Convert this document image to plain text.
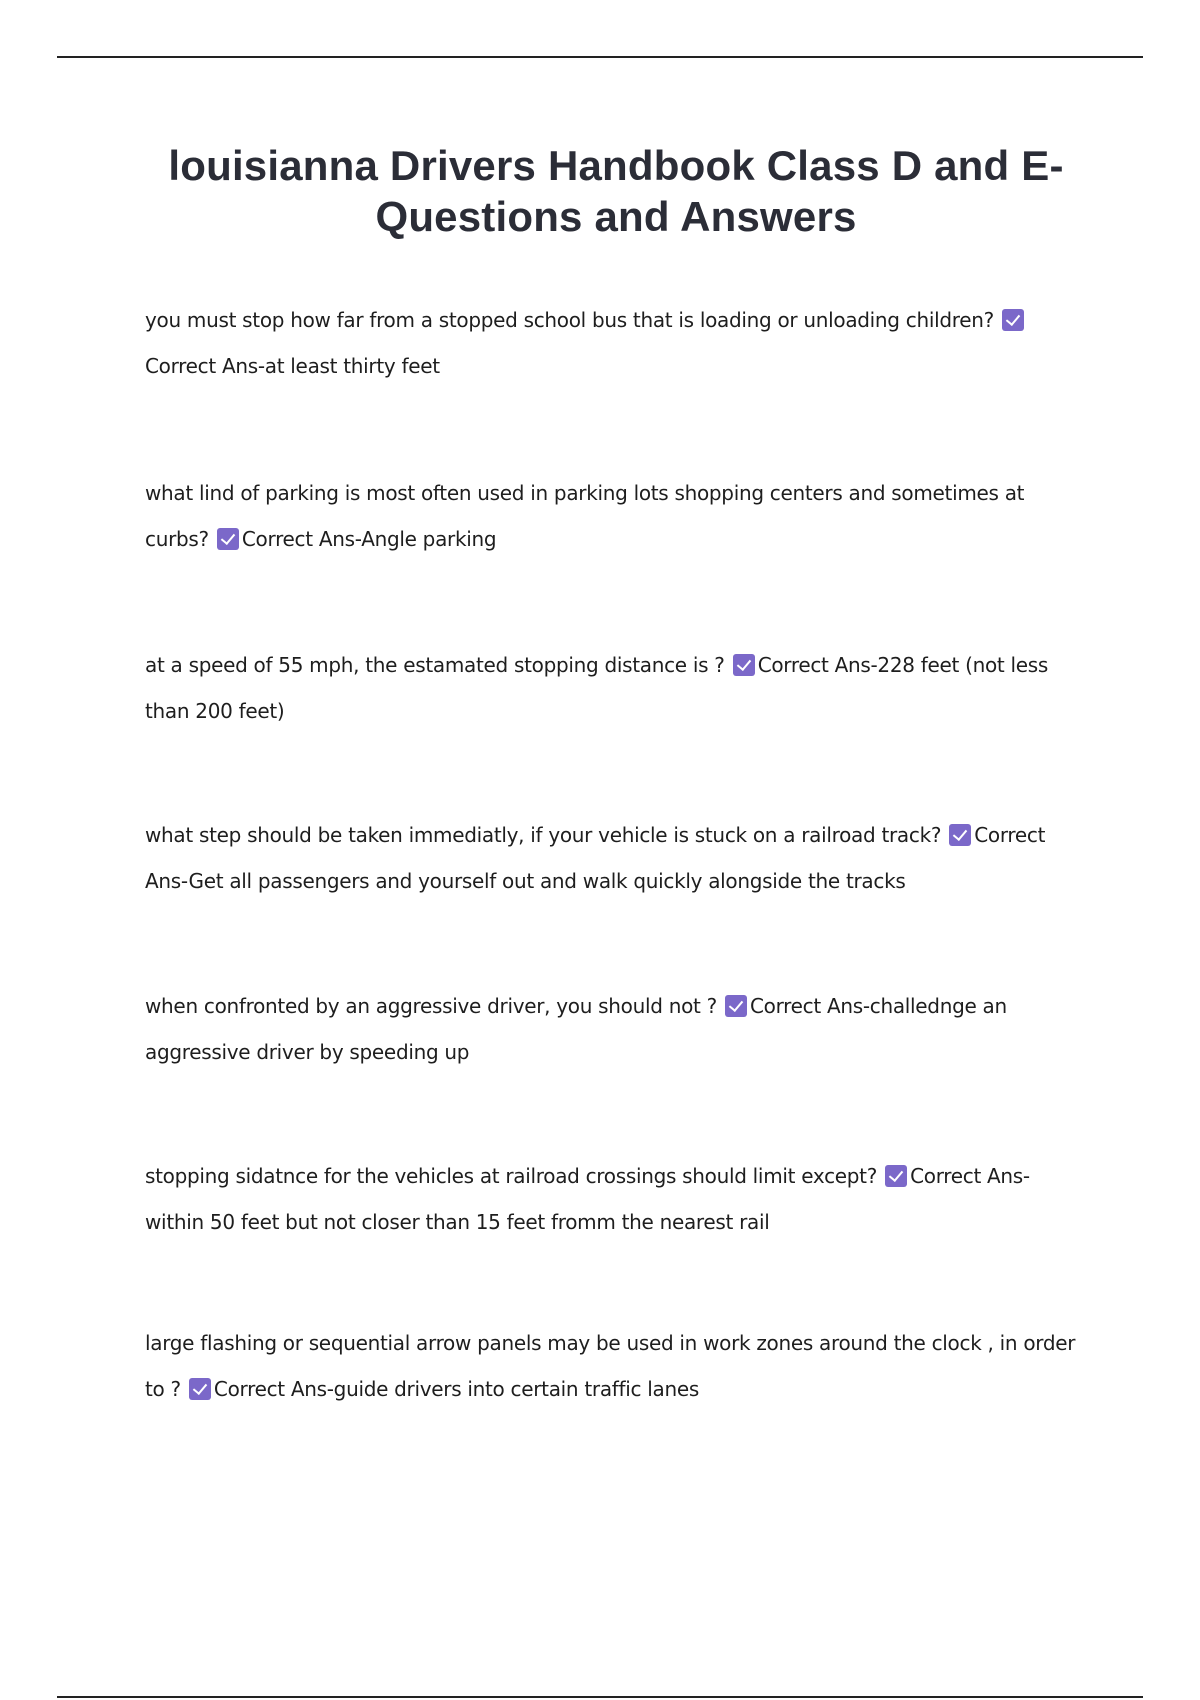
louisianna Drivers Handbook Class D and E- Questions and Answers

you must stop how far from a stopped school bus that is loading or unloading children? Correct Ans-at least thirty feet

what lind of parking is most often used in parking lots shopping centers and sometimes at curbs? Correct Ans-Angle parking

at a speed of 55 mph, the estamated stopping distance is ? Correct Ans-228 feet (not less than 200 feet)

what step should be taken immediatly, if your vehicle is stuck on a railroad track? Correct Ans-Get all passengers and yourself out and walk quickly alongside the tracks

when confronted by an aggressive driver, you should not ? Correct Ans-challednge an aggressive driver by speeding up

stopping sidatnce for the vehicles at railroad crossings should limit except? Correct Ans-within 50 feet but not closer than 15 feet fromm the nearest rail

large flashing or sequential arrow panels may be used in work zones around the clock , in order to ? Correct Ans-guide drivers into certain traffic lanes
